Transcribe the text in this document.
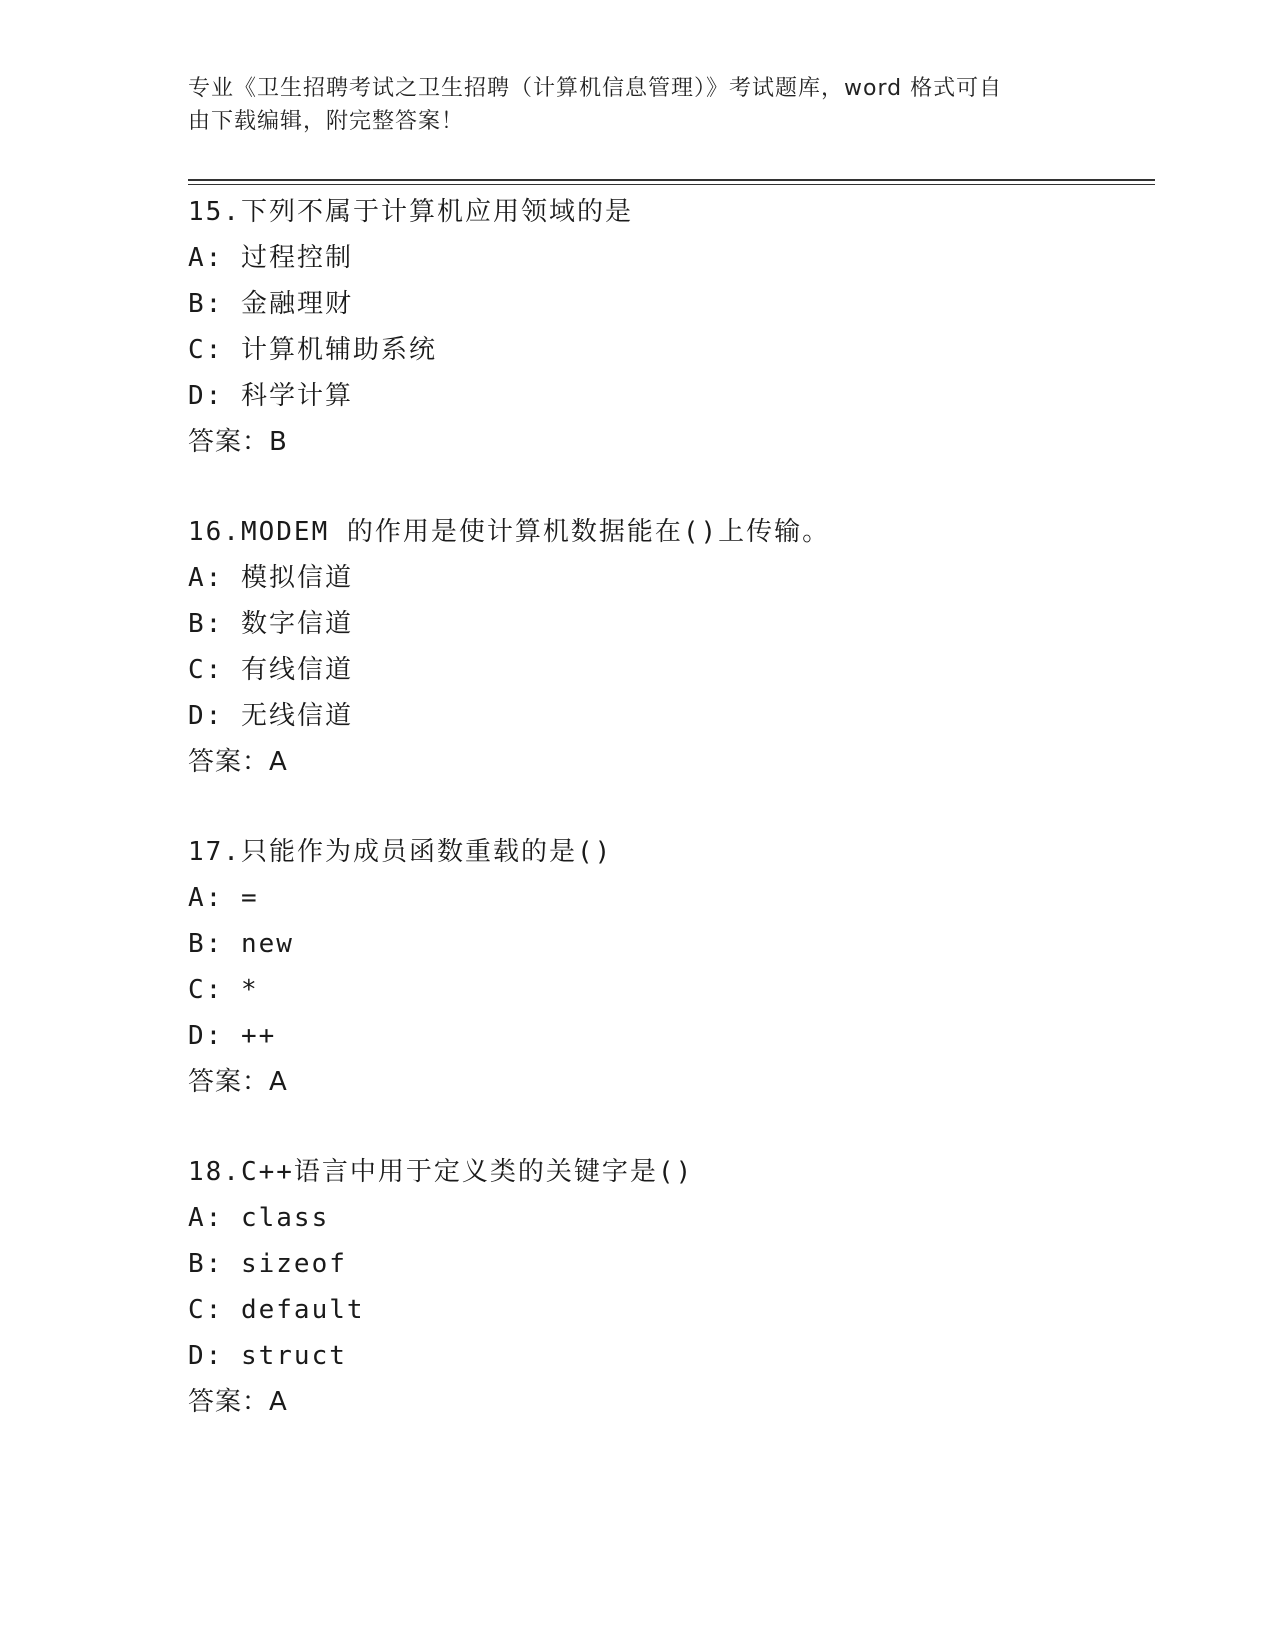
专业《卫生招聘考试之卫生招聘（计算机信息管理）》考试题库，word 格式可自
由下载编辑，附完整答案！
15.下列不属于计算机应用领域的是
A: 过程控制
B: 金融理财
C: 计算机辅助系统
D: 科学计算
答案：B
16.MODEM 的作用是使计算机数据能在()上传输。
A: 模拟信道
B: 数字信道
C: 有线信道
D: 无线信道
答案：A
17.只能作为成员函数重载的是()
A: =
B: new
C: *
D: ++
答案：A
18.C++语言中用于定义类的关键字是()
A: class
B: sizeof
C: default
D: struct
答案：A
